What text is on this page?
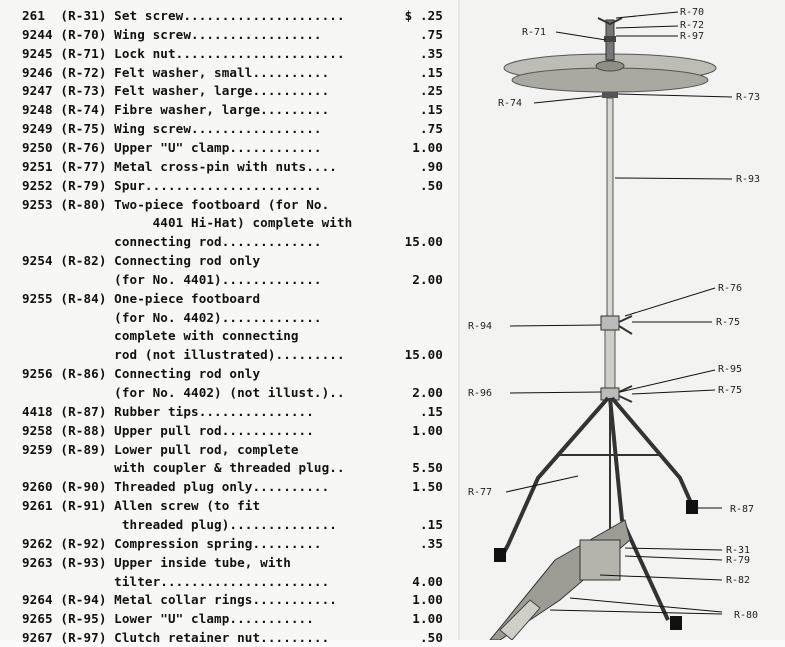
261  (R-31) Set screw.....................	$ .25
9244 (R-70) Wing screw.................	.75
9245 (R-71) Lock nut......................	.35
9246 (R-72) Felt washer, small..........	.15
9247 (R-73) Felt washer, large..........	.25
9248 (R-74) Fibre washer, large.........	.15
9249 (R-75) Wing screw.................	.75
9250 (R-76) Upper "U" clamp............	1.00
9251 (R-77) Metal cross-pin with nuts....	.90
9252 (R-79) Spur.......................	.50
9253 (R-80) Two-piece footboard (for No.
4401 Hi-Hat) complete with
connecting rod.............	15.00
9254 (R-82) Connecting rod only
(for No. 4401).............	2.00
9255 (R-84) One-piece footboard
(for No. 4402).............
complete with connecting
rod (not illustrated).........	15.00
9256 (R-86) Connecting rod only
(for No. 4402) (not illust.)..	2.00
4418 (R-87) Rubber tips...............	.15
9258 (R-88) Upper pull rod............	1.00
9259 (R-89) Lower pull rod, complete
with coupler & threaded plug..	5.50
9260 (R-90) Threaded plug only..........	1.50
9261 (R-91) Allen screw (to fit
threaded plug)..............	.15
9262 (R-92) Compression spring.........	.35
9263 (R-93) Upper inside tube, with
tilter......................	4.00
9264 (R-94) Metal collar rings...........	1.00
9265 (R-95) Lower "U" clamp...........	1.00
9267 (R-97) Clutch retainer nut.........	.50
R-70
R-72
R-97
R-71
R-74
R-73
R-93
R-76
R-94	R-75
R-95
R-96	R-75
R-77
R-87
R-31
R-79
R-82
R-80
